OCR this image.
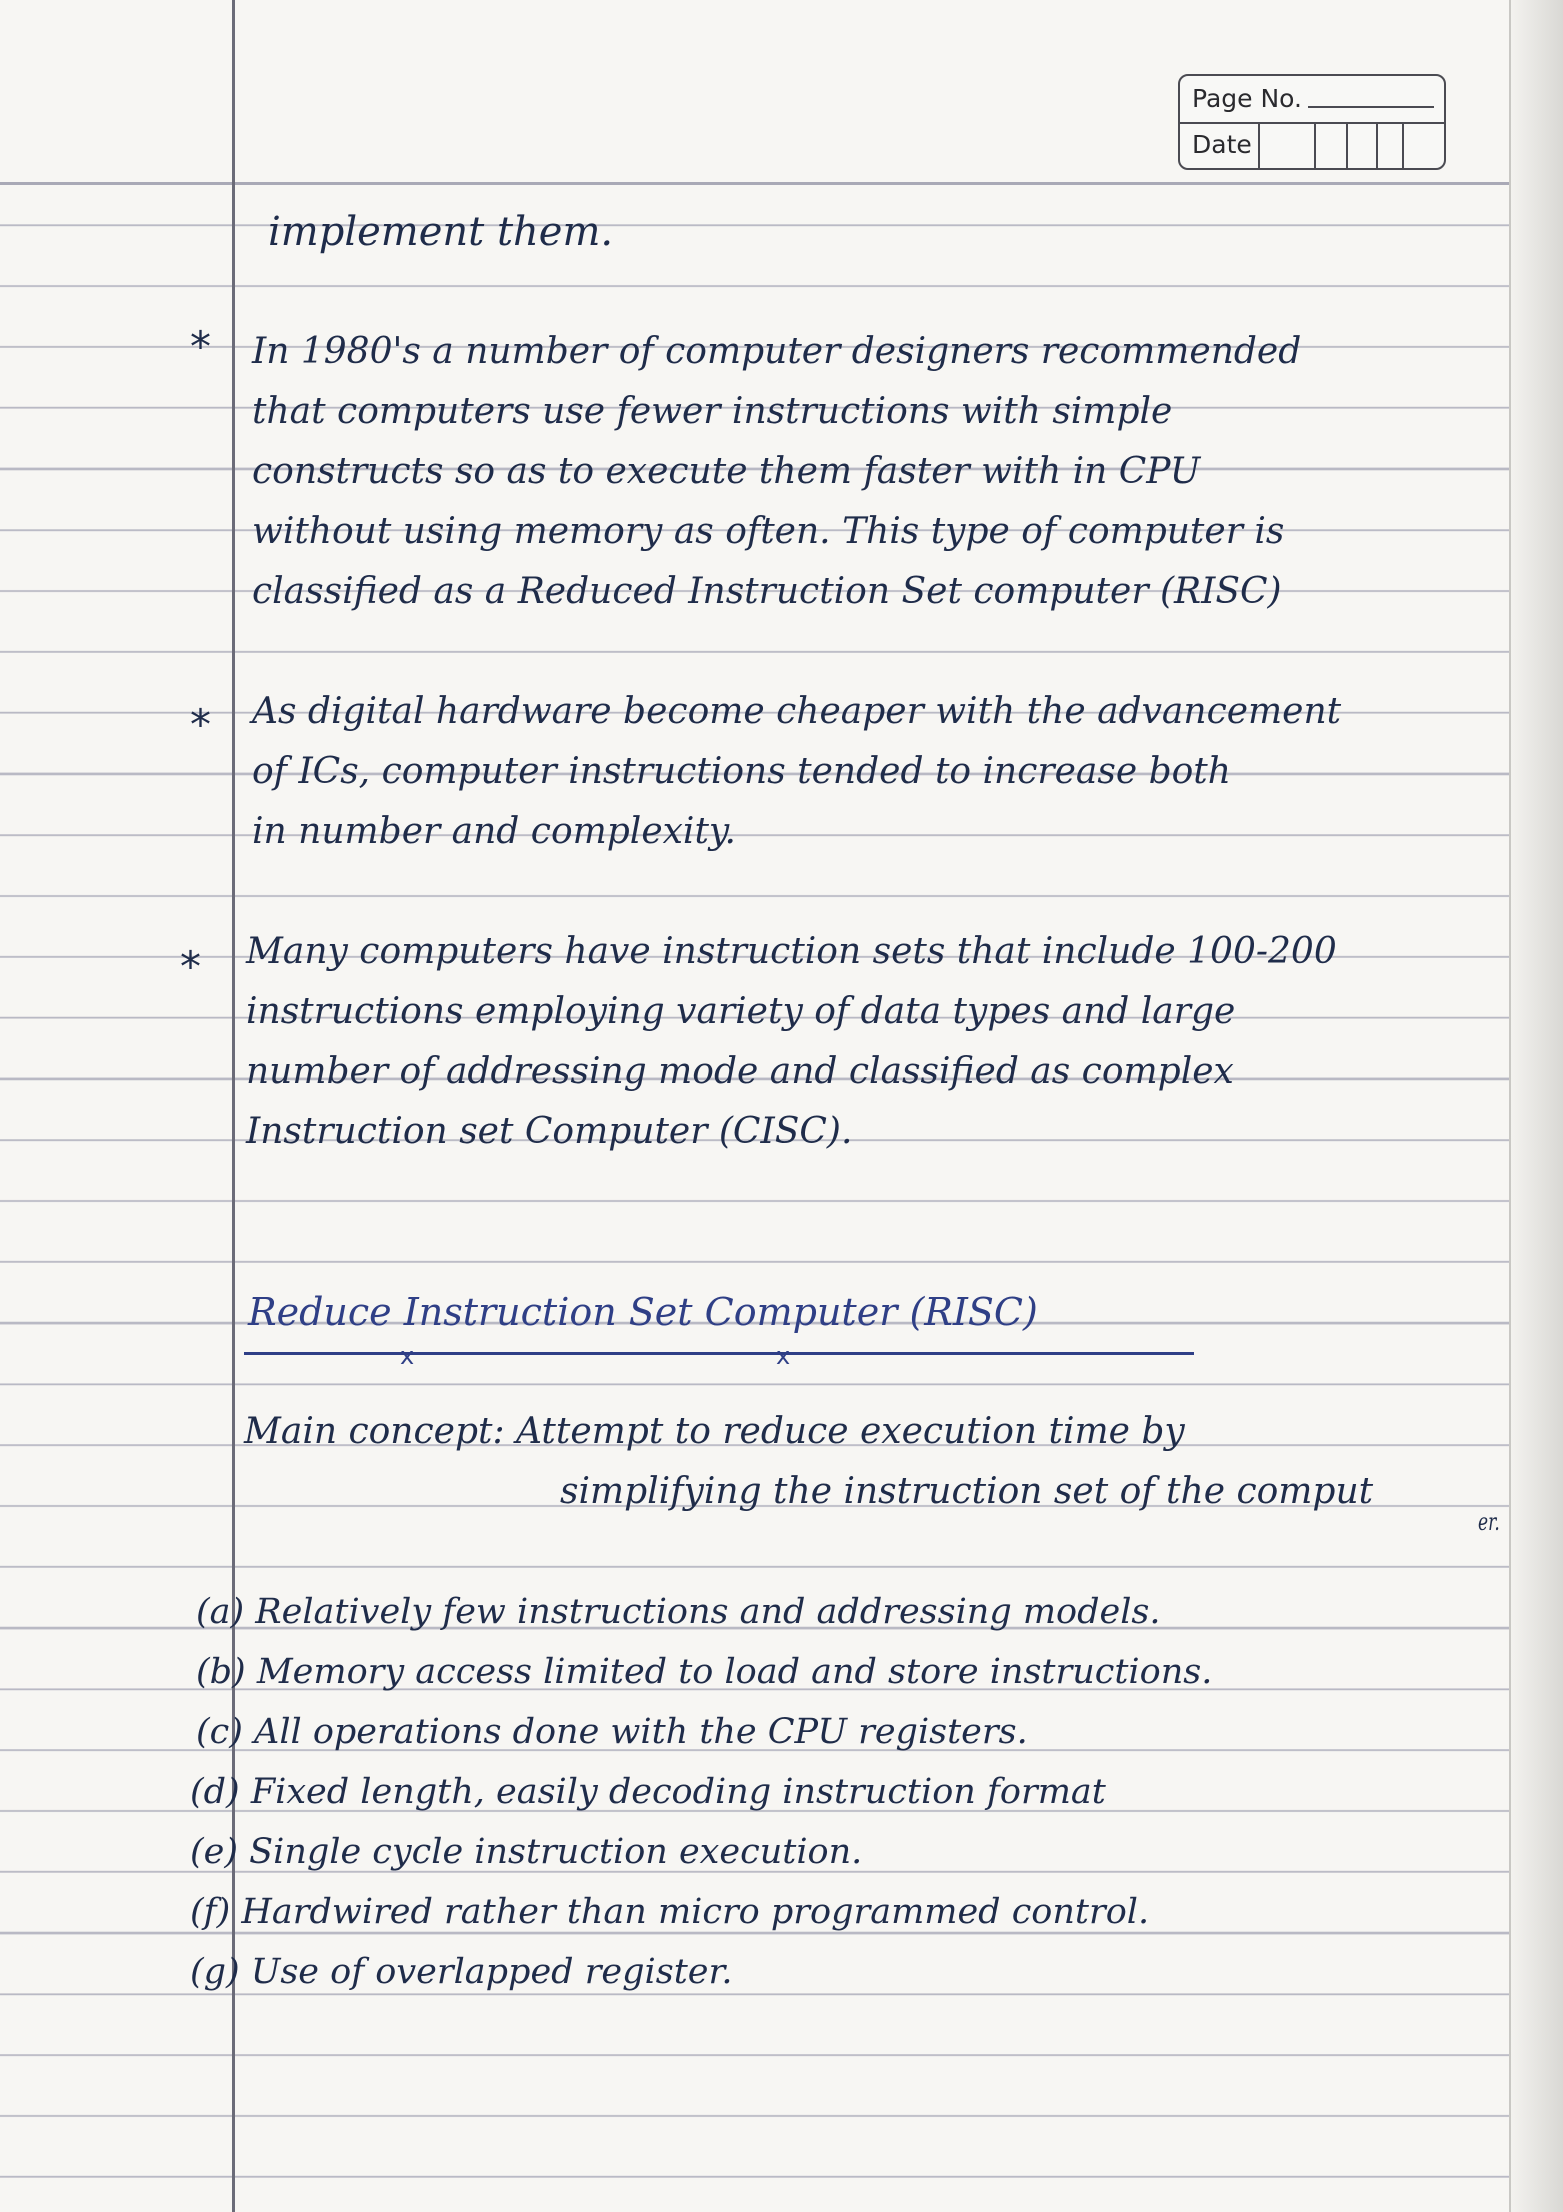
Page No.
Date
*
*
*
implement them.
In 1980's a number of computer designers recommended
that computers use fewer instructions with simple
constructs so as to execute them faster with in CPU
without using memory as often. This type of computer is
classified as a Reduced Instruction Set computer (RISC)
As digital hardware become cheaper with the advancement
of ICs, computer instructions tended to increase both
in number and complexity.
Many computers have instruction sets that include 100-200
instructions employing variety of data types and large
number of addressing mode and classified as complex
Instruction set Computer (CISC).
Reduce Instruction Set Computer (RISC)
x	x
Main concept: Attempt to reduce execution time by
simplifying the instruction set of the comput
er.
(a) Relatively few instructions and addressing models.
(b) Memory access limited to load and store instructions.
(c) All operations done with the CPU registers.
(d) Fixed length, easily decoding instruction format
(e) Single cycle instruction execution.
(f) Hardwired rather than micro programmed control.
(g) Use of overlapped register.
